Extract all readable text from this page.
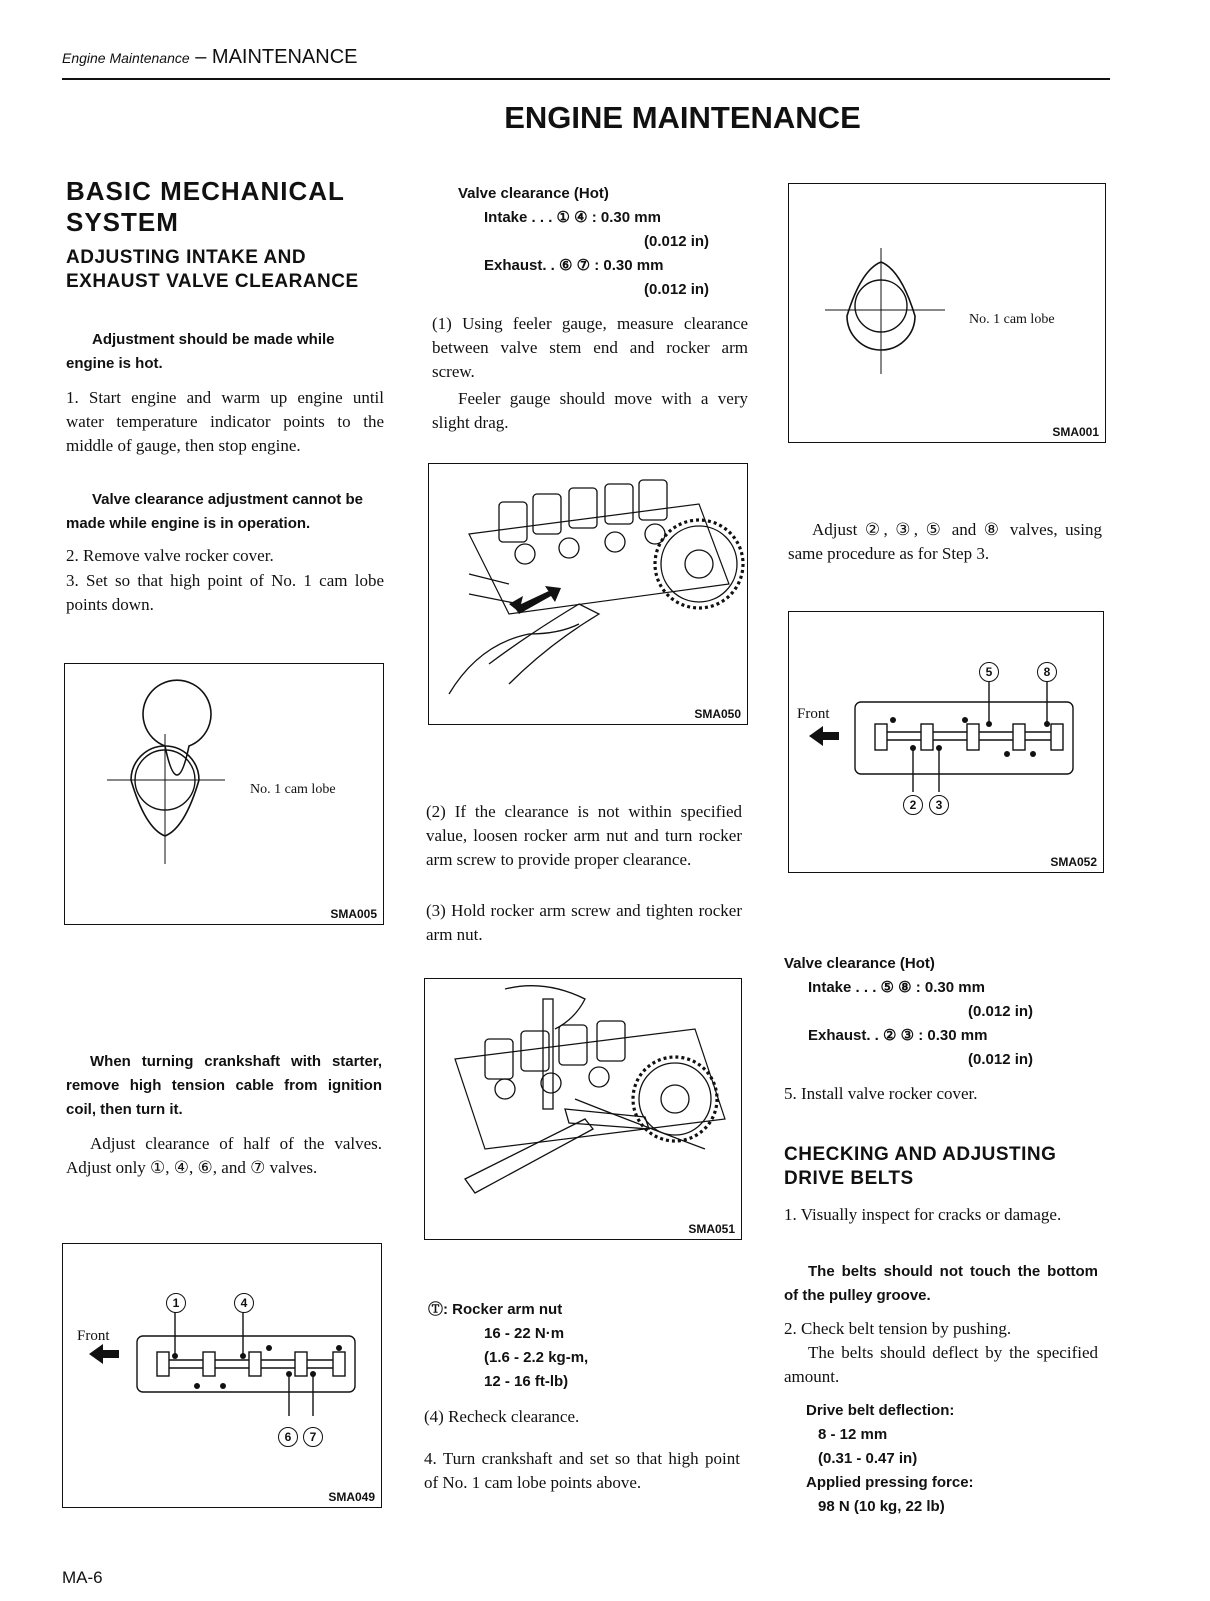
Engine Maintenance – MAINTENANCE
ENGINE MAINTENANCE
BASIC MECHANICAL SYSTEM
ADJUSTING INTAKE AND EXHAUST VALVE CLEARANCE

Adjustment should be made while engine is hot.

1. Start engine and warm up engine until water temperature indicator points to the middle of gauge, then stop engine.

Valve clearance adjustment cannot be made while engine is in operation.

2. Remove valve rocker cover.

3. Set so that high point of No. 1 cam lobe points down.

No. 1 cam lobe
SMA005

When turning crankshaft with starter, remove high tension cable from ignition coil, then turn it.

Adjust clearance of half of the valves. Adjust only ①, ④, ⑥, and ⑦ valves.

Front
1	4
6	7
SMA049
MA-6
Valve clearance (Hot)
Intake . . . ① ④ : 0.30 mm
(0.012 in)
Exhaust. . ⑥ ⑦ : 0.30 mm
(0.012 in)

(1) Using feeler gauge, measure clearance between valve stem end and rocker arm screw.

Feeler gauge should move with a very slight drag.

SMA050

(2) If the clearance is not within specified value, loosen rocker arm nut and turn rocker arm screw to provide proper clearance.

(3) Hold rocker arm screw and tighten rocker arm nut.

SMA051
Ⓣ: Rocker arm nut
16 - 22 N·m
(1.6 - 2.2 kg-m,
12 - 16 ft-lb)

(4) Recheck clearance.

4. Turn crankshaft and set so that high point of No. 1 cam lobe points above.

No. 1 cam lobe
SMA001

Adjust ②, ③, ⑤ and ⑧ valves, using same procedure as for Step 3.

Front
5	8
2	3
SMA052
Valve clearance (Hot)
Intake . . . ⑤ ⑧ : 0.30 mm
(0.012 in)
Exhaust. . ② ③ : 0.30 mm
(0.012 in)

5. Install valve rocker cover.

CHECKING AND ADJUSTING DRIVE BELTS

1. Visually inspect for cracks or damage.

The belts should not touch the bottom of the pulley groove.

2. Check belt tension by pushing.

The belts should deflect by the specified amount.

Drive belt deflection:
8 - 12 mm
(0.31 - 0.47 in)
Applied pressing force:
98 N (10 kg, 22 lb)
